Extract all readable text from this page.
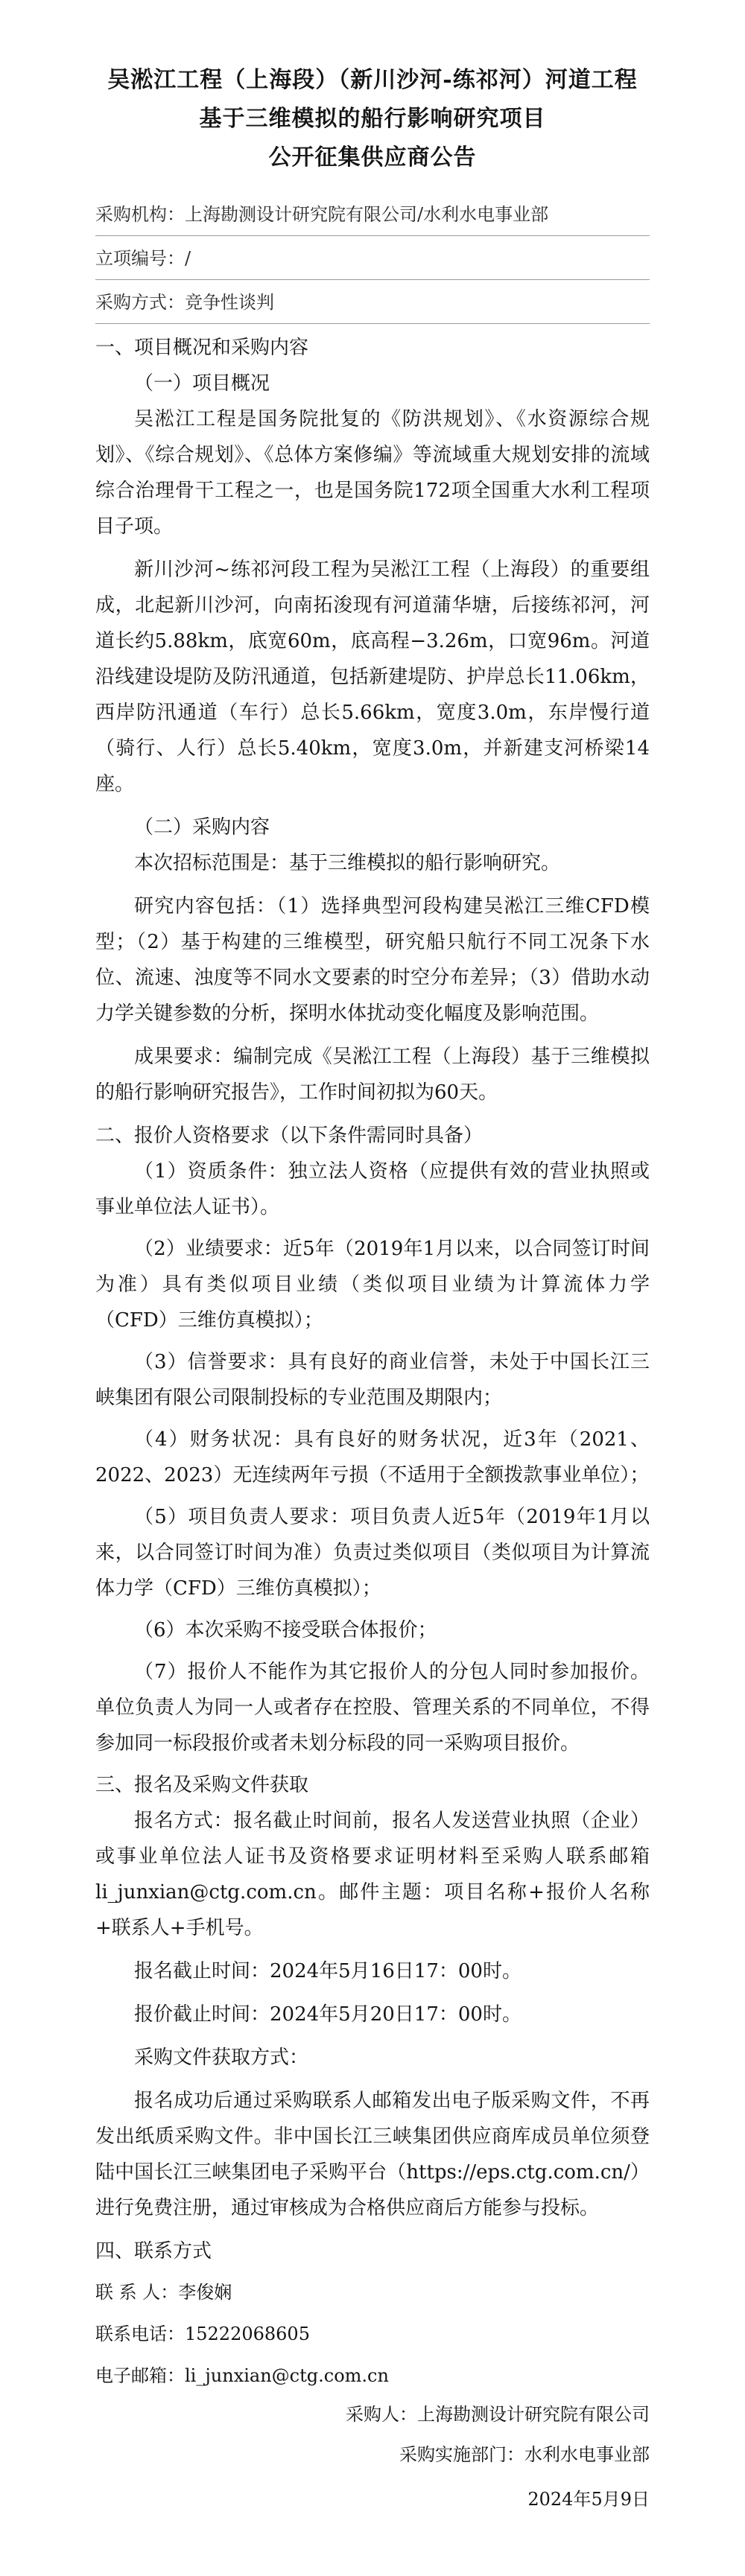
吴淞江工程（上海段）（新川沙河-练祁河）河道工程
基于三维模拟的船行影响研究项目
公开征集供应商公告
采购机构：上海勘测设计研究院有限公司/水利水电事业部
立项编号：/
采购方式：竞争性谈判
一、项目概况和采购内容
（一）项目概况
吴淞江工程是国务院批复的《防洪规划》、《水资源综合规划》、《综合规划》、《总体方案修编》等流域重大规划安排的流域综合治理骨干工程之一，也是国务院172项全国重大水利工程项目子项。
新川沙河~练祁河段工程为吴淞江工程（上海段）的重要组成，北起新川沙河，向南拓浚现有河道蒲华塘，后接练祁河，河道长约5.88km，底宽60m，底高程−3.26m，口宽96m。河道沿线建设堤防及防汛通道，包括新建堤防、护岸总长11.06km，西岸防汛通道（车行）总长5.66km，宽度3.0m，东岸慢行道（骑行、人行）总长5.40km，宽度3.0m，并新建支河桥梁14座。
（二）采购内容
本次招标范围是：基于三维模拟的船行影响研究。
研究内容包括：（1）选择典型河段构建吴淞江三维CFD模型；（2）基于构建的三维模型，研究船只航行不同工况条下水位、流速、浊度等不同水文要素的时空分布差异；（3）借助水动力学关键参数的分析，探明水体扰动变化幅度及影响范围。
成果要求：编制完成《吴淞江工程（上海段）基于三维模拟的船行影响研究报告》，工作时间初拟为60天。
二、报价人资格要求（以下条件需同时具备）
（1）资质条件：独立法人资格（应提供有效的营业执照或事业单位法人证书）。
（2）业绩要求：近5年（2019年1月以来，以合同签订时间为准）具有类似项目业绩（类似项目业绩为计算流体力学（CFD）三维仿真模拟）；
（3）信誉要求：具有良好的商业信誉，未处于中国长江三峡集团有限公司限制投标的专业范围及期限内；
（4）财务状况：具有良好的财务状况，近3年（2021、2022、2023）无连续两年亏损（不适用于全额拨款事业单位）；
（5）项目负责人要求：项目负责人近5年（2019年1月以来，以合同签订时间为准）负责过类似项目（类似项目为计算流体力学（CFD）三维仿真模拟）；
（6）本次采购不接受联合体报价；
（7）报价人不能作为其它报价人的分包人同时参加报价。单位负责人为同一人或者存在控股、管理关系的不同单位，不得参加同一标段报价或者未划分标段的同一采购项目报价。
三、报名及采购文件获取
报名方式：报名截止时间前，报名人发送营业执照（企业）或事业单位法人证书及资格要求证明材料至采购人联系邮箱li_junxian@ctg.com.cn。邮件主题：项目名称+报价人名称+联系人+手机号。
报名截止时间：2024年5月16日17：00时。
报价截止时间：2024年5月20日17：00时。
采购文件获取方式：
报名成功后通过采购联系人邮箱发出电子版采购文件，不再发出纸质采购文件。非中国长江三峡集团供应商库成员单位须登陆中国长江三峡集团电子采购平台（https://eps.ctg.com.cn/）进行免费注册，通过审核成为合格供应商后方能参与投标。
四、联系方式
联 系 人：李俊娴
联系电话：15222068605
电子邮箱：li_junxian@ctg.com.cn
采购人：上海勘测设计研究院有限公司
采购实施部门：水利水电事业部
2024年5月9日
